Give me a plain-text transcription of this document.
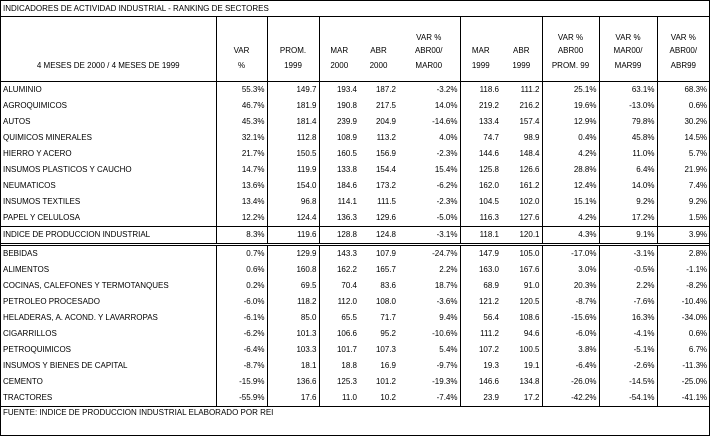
INDICADORES DE ACTIVIDAD INDUSTRIAL - RANKING DE SECTORES										
					VAR %			VAR %	VAR %	VAR %
	VAR	PROM.	MAR	ABR	ABR00/	MAR	ABR	ABR00	MAR00/	ABR00/
4 MESES DE 2000 / 4 MESES DE 1999	%	1999	2000	2000	MAR00	1999	1999	PROM. 99	MAR99	ABR99

ALUMINIO	55.3%	149.7	193.4	187.2	-3.2%	118.6	111.2	25.1%	63.1%	68.3%
AGROQUIMICOS	46.7%	181.9	190.8	217.5	14.0%	219.2	216.2	19.6%	-13.0%	0.6%
AUTOS	45.3%	181.4	239.9	204.9	-14.6%	133.4	157.4	12.9%	79.8%	30.2%
QUIMICOS MINERALES	32.1%	112.8	108.9	113.2	4.0%	74.7	98.9	0.4%	45.8%	14.5%
HIERRO Y ACERO	21.7%	150.5	160.5	156.9	-2.3%	144.6	148.4	4.2%	11.0%	5.7%
INSUMOS PLASTICOS Y CAUCHO	14.7%	119.9	133.8	154.4	15.4%	125.8	126.6	28.8%	6.4%	21.9%
NEUMATICOS	13.6%	154.0	184.6	173.2	-6.2%	162.0	161.2	12.4%	14.0%	7.4%
INSUMOS TEXTILES	13.4%	96.8	114.1	111.5	-2.3%	104.5	102.0	15.1%	9.2%	9.2%
PAPEL Y CELULOSA	12.2%	124.4	136.3	129.6	-5.0%	116.3	127.6	4.2%	17.2%	1.5%
INDICE DE PRODUCCION INDUSTRIAL	8.3%	119.6	128.8	124.8	-3.1%	118.1	120.1	4.3%	9.1%	3.9%
BEBIDAS	0.7%	129.9	143.3	107.9	-24.7%	147.9	105.0	-17.0%	-3.1%	2.8%
ALIMENTOS	0.6%	160.8	162.2	165.7	2.2%	163.0	167.6	3.0%	-0.5%	-1.1%
COCINAS, CALEFONES Y TERMOTANQUES	0.2%	69.5	70.4	83.6	18.7%	68.9	91.0	20.3%	2.2%	-8.2%
PETROLEO PROCESADO	-6.0%	118.2	112.0	108.0	-3.6%	121.2	120.5	-8.7%	-7.6%	-10.4%
HELADERAS, A. ACOND. Y LAVARROPAS	-6.1%	85.0	65.5	71.7	9.4%	56.4	108.6	-15.6%	16.3%	-34.0%
CIGARRILLOS	-6.2%	101.3	106.6	95.2	-10.6%	111.2	94.6	-6.0%	-4.1%	0.6%
PETROQUIMICOS	-6.4%	103.3	101.7	107.3	5.4%	107.2	100.5	3.8%	-5.1%	6.7%
INSUMOS Y BIENES DE CAPITAL	-8.7%	18.1	18.8	16.9	-9.7%	19.3	19.1	-6.4%	-2.6%	-11.3%
CEMENTO	-15.9%	136.6	125.3	101.2	-19.3%	146.6	134.8	-26.0%	-14.5%	-25.0%
TRACTORES	-55.9%	17.6	11.0	10.2	-7.4%	23.9	17.2	-42.2%	-54.1%	-41.1%
FUENTE: INDICE DE PRODUCCION INDUSTRIAL ELABORADO POR REI										
